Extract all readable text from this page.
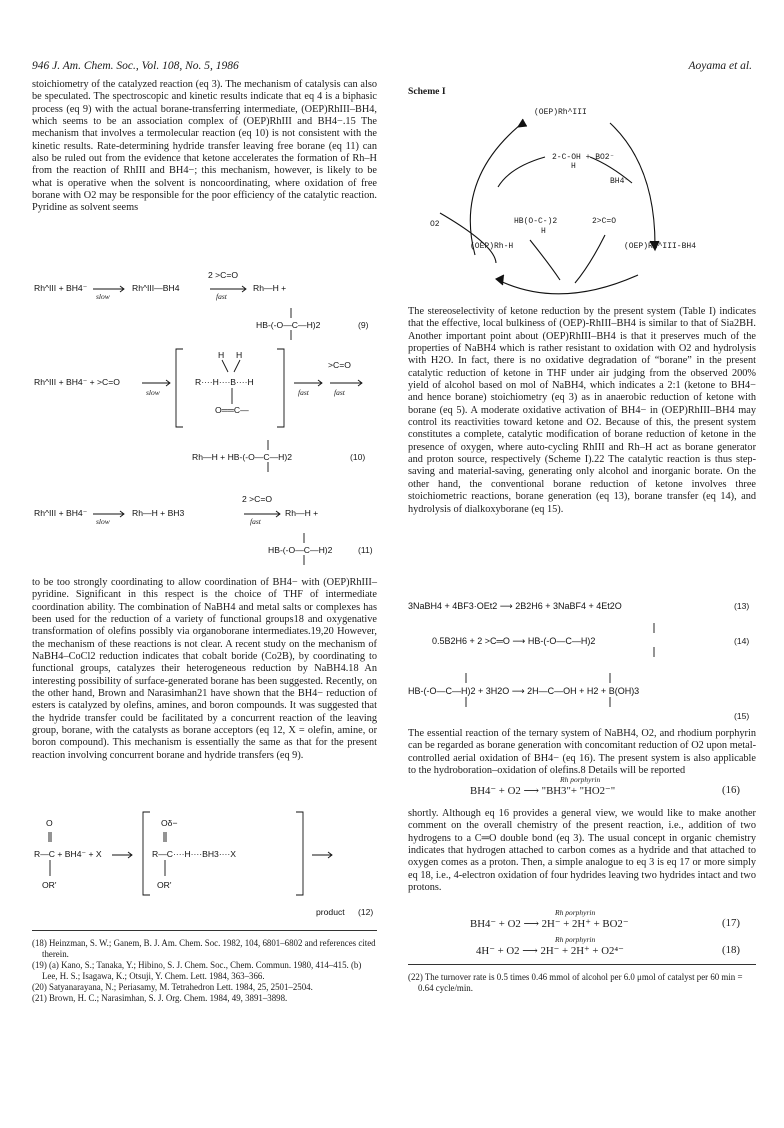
946 J. Am. Chem. Soc., Vol. 108, No. 5, 1986	Aoyama et al.

stoichiometry of the catalyzed reaction (eq 3). The mechanism of catalysis can also be speculated. The spectroscopic and kinetic results indicate that eq 4 is a biphasic process (eq 9) with the actual borane-transferring intermediate, (OEP)RhIII–BH4, which seems to be an association complex of (OEP)RhIII and BH4−.15 The mechanism that involves a termolecular reaction (eq 10) is not consistent with the kinetic results. Rate-determining hydride transfer leaving free borane (eq 11) can also be ruled out from the evidence that ketone accelerates the formation of Rh–H from the reaction of RhIII and BH4−; this mechanism, however, is likely to be what is operative when the solvent is noncoordinating, where oxidation of free borane with O2 may be responsible for the poor efficiency of the catalytic reaction. Pyridine as solvent seems

Rh^III + BH4⁻
slow
Rh^III—BH4
2 >C=O
fast
Rh—H +
HB-(-O—C—H)2	(9)
Rh^III + BH4⁻ + >C=O
slow
H H
R····H····B····H
O══C—
fast
>C=O
fast
Rh—H + HB-(-O—C—H)2	(10)
Rh^III + BH4⁻
slow
Rh—H + BH3
2 >C=O
fast
Rh—H +
HB-(-O—C—H)2	(11)
O
R—C + BH4⁻ + X
OR'
Oδ−
R—C····H····BH3····X
OR'
product (12)

to be too strongly coordinating to allow coordination of BH4− with (OEP)RhIII–pyridine. Significant in this respect is the choice of THF of intermediate coordination ability. The combination of NaBH4 and metal salts or complexes has been used for the reduction of a variety of functional groups18 and oxygenative transformation of olefins possibly via organoborane intermediates.19,20 However, the mechanism of these reactions is not clear. A recent study on the mechanism of NaBH4–CoCl2 reduction indicates that cobalt boride (Co2B), by coordinating to functional groups, catalyzes their heterogeneous reduction by NaBH4.18 An interesting possibility of surface-generated borane has been suggested. Recently, on the other hand, Brown and Narasimhan21 have shown that the BH4− reduction of esters is catalyzed by olefins, amines, and boron compounds. It was suggested that the hydride transfer could be facilitated by a concurrent reaction of the leaving group, borane, with the catalysts as borane acceptors (eq 12, X = olefin, amine, or boron compound). This mechanism is essentially the same as that for the present reaction involving concurrent borane and hydride transfers (eq 9).

(18) Heinzman, S. W.; Ganem, B. J. Am. Chem. Soc. 1982, 104, 6801–6802 and references cited therein.

(19) (a) Kano, S.; Tanaka, Y.; Hibino, S. J. Chem. Soc., Chem. Commun. 1980, 414–415. (b) Lee, H. S.; Isagawa, K.; Otsuji, Y. Chem. Lett. 1984, 363–366.

(20) Satyanarayana, N.; Periasamy, M. Tetrahedron Lett. 1984, 25, 2501–2504.

(21) Brown, H. C.; Narasimhan, S. J. Org. Chem. 1984, 49, 3891–3898.

Scheme I
(OEP)Rh^III
2-C-OH + BO2⁻
H
BH4⁻
O2	HB(O-C-)2
H
2>C=O
(OEP)Rh-H	(OEP)Rh^III-BH4

The stereoselectivity of ketone reduction by the present system (Table I) indicates that the effective, local bulkiness of (OEP)-RhIII–BH4 is similar to that of Sia2BH. Another important point about (OEP)RhIII–BH4 is that it preserves much of the properties of NaBH4 which is rather resistant to oxidation with O2 and hydrolysis with H2O. In fact, there is no oxidative degradation of “borane” in the present catalytic reduction of ketone in THF under air judging from the observed 200% yield of alcohol based on mol of NaBH4, which indicates a 2:1 (ketone to BH4− and hence borane) stoichiometry (eq 3) as in anaerobic reduction of ketone with borane (eq 5). A moderate oxidative activation of BH4− in (OEP)RhIII–BH4 may control its reactivities toward ketone and O2. Because of this, the present system constitutes a complete, catalytic modification of borane reduction of ketone in the presence of oxygen, where auto-cycling RhIII and Rh–H act as borane generator and proton source, respectively (Scheme I).22 The catalytic reaction is thus step-saving and material-saving, generating only alcohol and inorganic borate. On the other hand, the conventional borane reduction of ketone involves three stoichiometric reactions, borane generation (eq 13), borane transfer (eq 14), and hydrolysis of dialkoxyborane (eq 15).

3NaBH4 + 4BF3·OEt2 ⟶ 2B2H6 + 3NaBF4 + 4Et2O	(13)
0.5B2H6 + 2 >C═O ⟶ HB-(-O—C—H)2	(14)
HB-(-O—C—H)2 + 3H2O ⟶ 2H—C—OH + H2 + B(OH)3
(15)

The essential reaction of the ternary system of NaBH4, O2, and rhodium porphyrin can be regarded as borane generation with concomitant reduction of O2 upon metal-controlled aerial oxidation of BH4− (eq 16). The present system is also applicable to the hydroboration–oxidation of olefins.8 Details will be reported

Rh porphyrin
BH4⁻ + O2 ⟶ "BH3"+ "HO2⁻"	(16)

shortly. Although eq 16 provides a general view, we would like to make another comment on the overall chemistry of the present reaction, i.e., addition of two hydrogens to a C═O double bond (eq 3). The usual concept in organic chemistry indicates that hydrogen attached to carbon comes as a hydride and that attached to oxygen comes as a proton. Then, a simple analogue to eq 3 is eq 17 or more simply eq 18, i.e., 4-electron oxidation of four hydrides leaving two hydrides intact and two protons.

Rh porphyrin
BH4⁻ + O2 ⟶ 2H⁻ + 2H⁺ + BO2⁻	(17)
Rh porphyrin
4H⁻ + O2 ⟶ 2H⁻ + 2H⁺ + O2⁴⁻	(18)

(22) The turnover rate is 0.5 times 0.46 mmol of alcohol per 6.0 μmol of catalyst per 60 min = 0.64 cycle/min.
